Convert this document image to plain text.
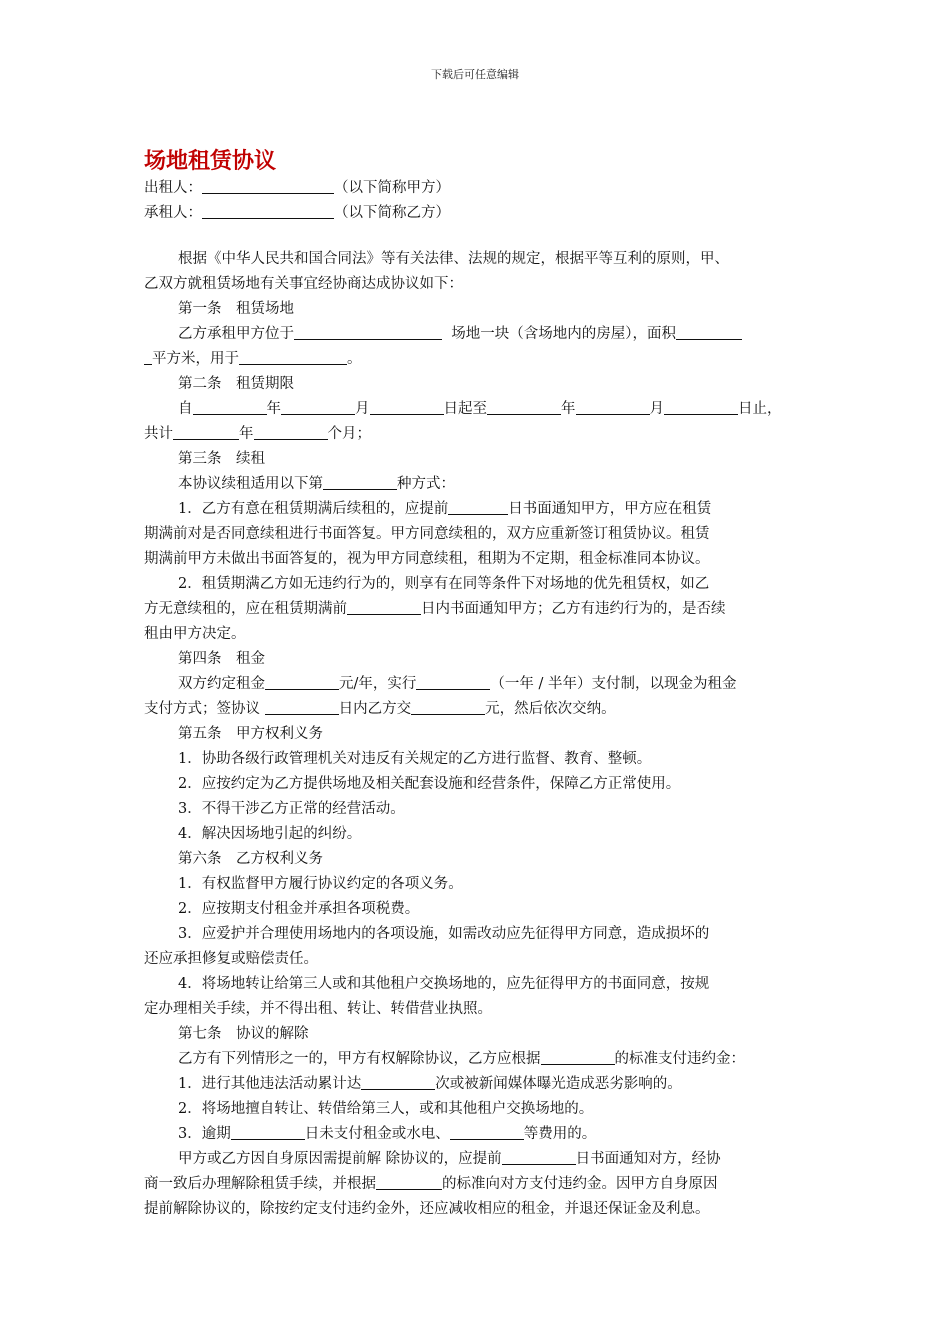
下载后可任意编辑
场地租赁协议
出租人：	（以下简称甲方）
承租人：	（以下简称乙方）
根据《中华人民共和国合同法》等有关法律、法规的规定，根据平等互利的原则，甲、
乙双方就租赁场地有关事宜经协商达成协议如下：
第一条　租赁场地
乙方承租甲方位于	场地一块（含场地内的房屋），面积
平方米，用于	。
第二条　租赁期限
自	年	月	日起至	年	月	日止，
共计	年	个月；
第三条　续租
本协议续租适用以下第	种方式：
1．乙方有意在租赁期满后续租的，应提前	日书面通知甲方，甲方应在租赁
期满前对是否同意续租进行书面答复。甲方同意续租的，双方应重新签订租赁协议。租赁
期满前甲方未做出书面答复的，视为甲方同意续租，租期为不定期，租金标准同本协议。
2．租赁期满乙方如无违约行为的，则享有在同等条件下对场地的优先租赁权，如乙
方无意续租的，应在租赁期满前	日内书面通知甲方；乙方有违约行为的，是否续
租由甲方决定。
第四条　租金
双方约定租金	元/年，实行	（一年 / 半年）支付制，以现金为租金
支付方式；签协议	日内乙方交	元，然后依次交纳。
第五条　甲方权利义务
1．协助各级行政管理机关对违反有关规定的乙方进行监督、教育、整顿。
2．应按约定为乙方提供场地及相关配套设施和经营条件，保障乙方正常使用。
3．不得干涉乙方正常的经营活动。
4．解决因场地引起的纠纷。
第六条　乙方权利义务
1．有权监督甲方履行协议约定的各项义务。
2．应按期支付租金并承担各项税费。
3．应爱护并合理使用场地内的各项设施，如需改动应先征得甲方同意，造成损坏的
还应承担修复或赔偿责任。
4．将场地转让给第三人或和其他租户交换场地的，应先征得甲方的书面同意，按规
定办理相关手续，并不得出租、转让、转借营业执照。
第七条　协议的解除
乙方有下列情形之一的，甲方有权解除协议，乙方应根据	的标准支付违约金：
1．进行其他违法活动累计达	次或被新闻媒体曝光造成恶劣影响的。
2．将场地擅自转让、转借给第三人，或和其他租户交换场地的。
3．逾期	日未支付租金或水电、	等费用的。
甲方或乙方因自身原因需提前解 除协议的，应提前	日书面通知对方，经协
商一致后办理解除租赁手续，并根据	的标准向对方支付违约金。因甲方自身原因
提前解除协议的，除按约定支付违约金外，还应减收相应的租金，并退还保证金及利息。
